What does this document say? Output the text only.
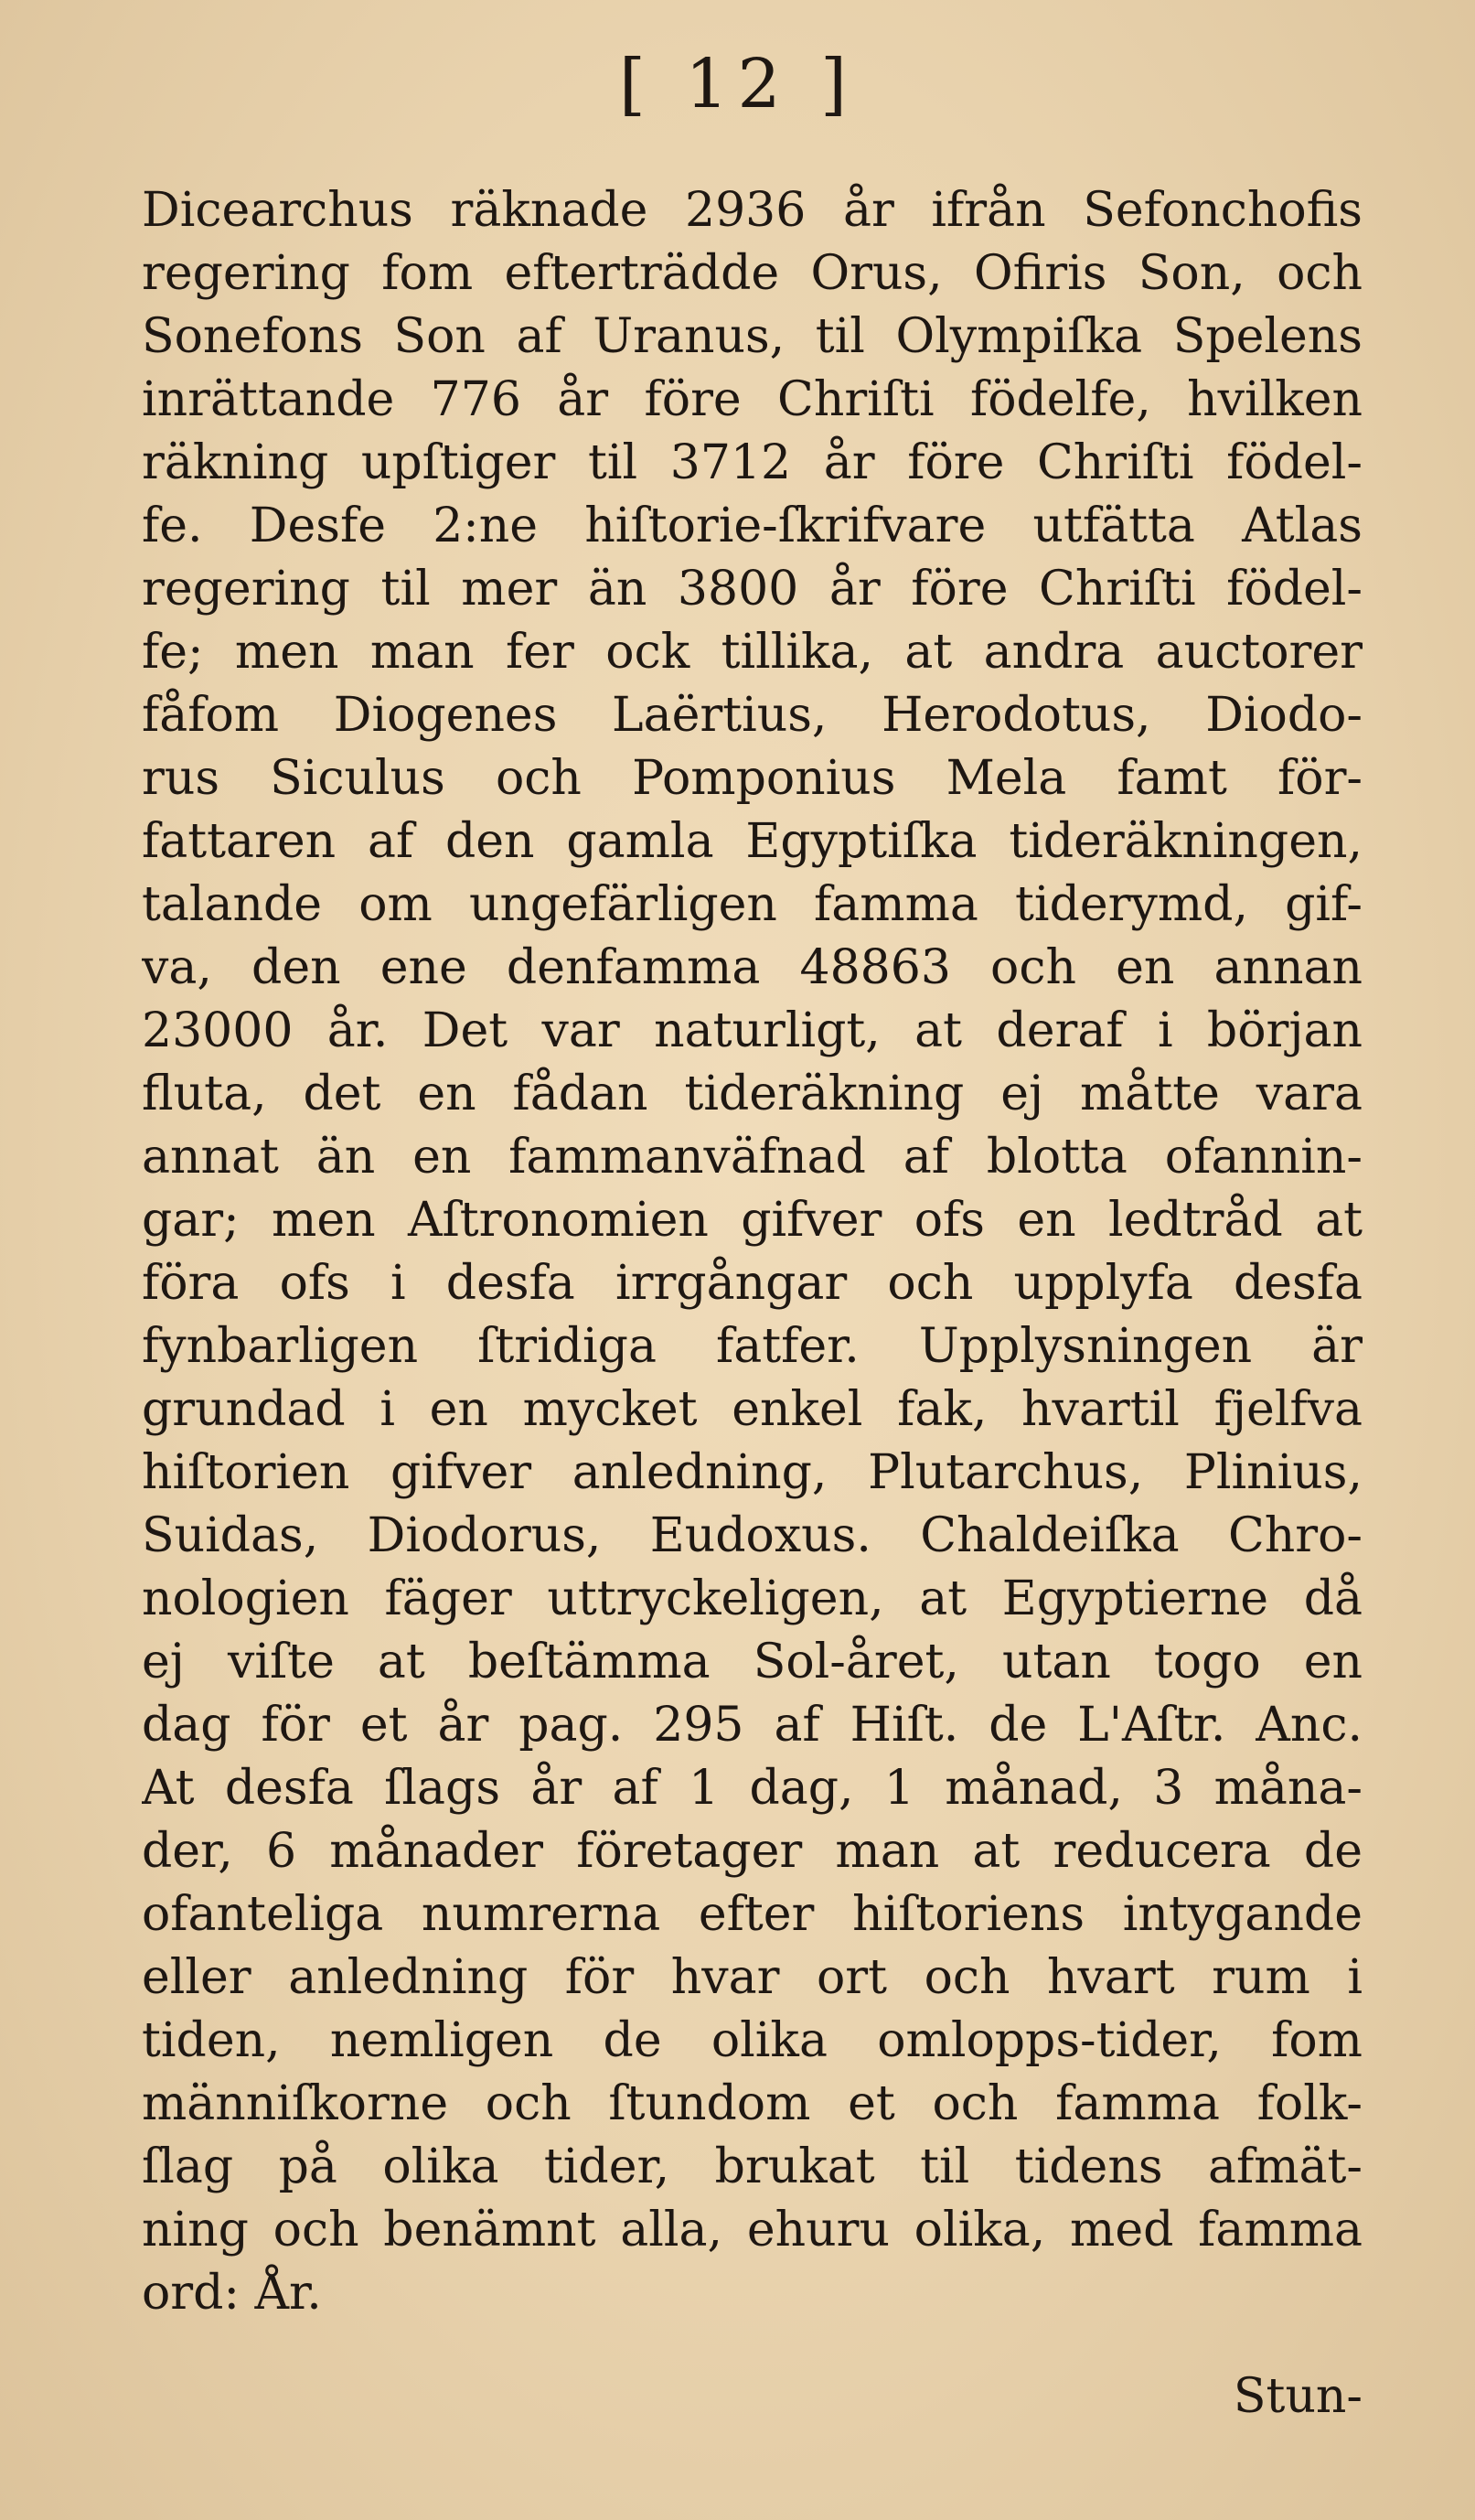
[ 12 ]
Dicearchus räknade 2936 år ifrån Sefonchofis
regering fom efterträdde Orus, Ofiris Son, och
Sonefons Son af Uranus, til Olympiſka Spelens
inrättande 776 år före Chriſti födelfe, hvilken
räkning upſtiger til 3712 år före Chriſti födel-
fe. Desfe 2:ne hiſtorie-ſkrifvare utfätta Atlas
regering til mer än 3800 år före Chriſti födel-
fe; men man fer ock tillika, at andra auctorer
fåfom Diogenes Laërtius, Herodotus, Diodo-
rus Siculus och Pomponius Mela famt för-
fattaren af den gamla Egyptiſka tideräkningen,
talande om ungefärligen famma tiderymd, gif-
va, den ene denfamma 48863 och en annan
23000 år. Det var naturligt, at deraf i början
fluta, det en fådan tideräkning ej måtte vara
annat än en fammanväfnad af blotta ofannin-
gar; men Aſtronomien gifver ofs en ledtråd at
föra ofs i desfa irrgångar och upplyfa desfa
fynbarligen ſtridiga fatfer. Upplysningen är
grundad i en mycket enkel fak, hvartil fjelfva
hiſtorien gifver anledning, Plutarchus, Plinius,
Suidas, Diodorus, Eudoxus. Chaldeiſka Chro-
nologien fäger uttryckeligen, at Egyptierne då
ej viſte at beſtämma Sol-året, utan togo en
dag för et år pag. 295 af Hiſt. de L'Aſtr. Anc.
At desfa ſlags år af 1 dag, 1 månad, 3 måna-
der, 6 månader företager man at reducera de
ofanteliga numrerna efter hiſtoriens intygande
eller anledning för hvar ort och hvart rum i
tiden, nemligen de olika omlopps-tider, fom
männiſkorne och ſtundom et och famma folk-
ſlag på olika tider, brukat til tidens afmät-
ning och benämnt alla, ehuru olika, med famma
ord: År.
Stun-
